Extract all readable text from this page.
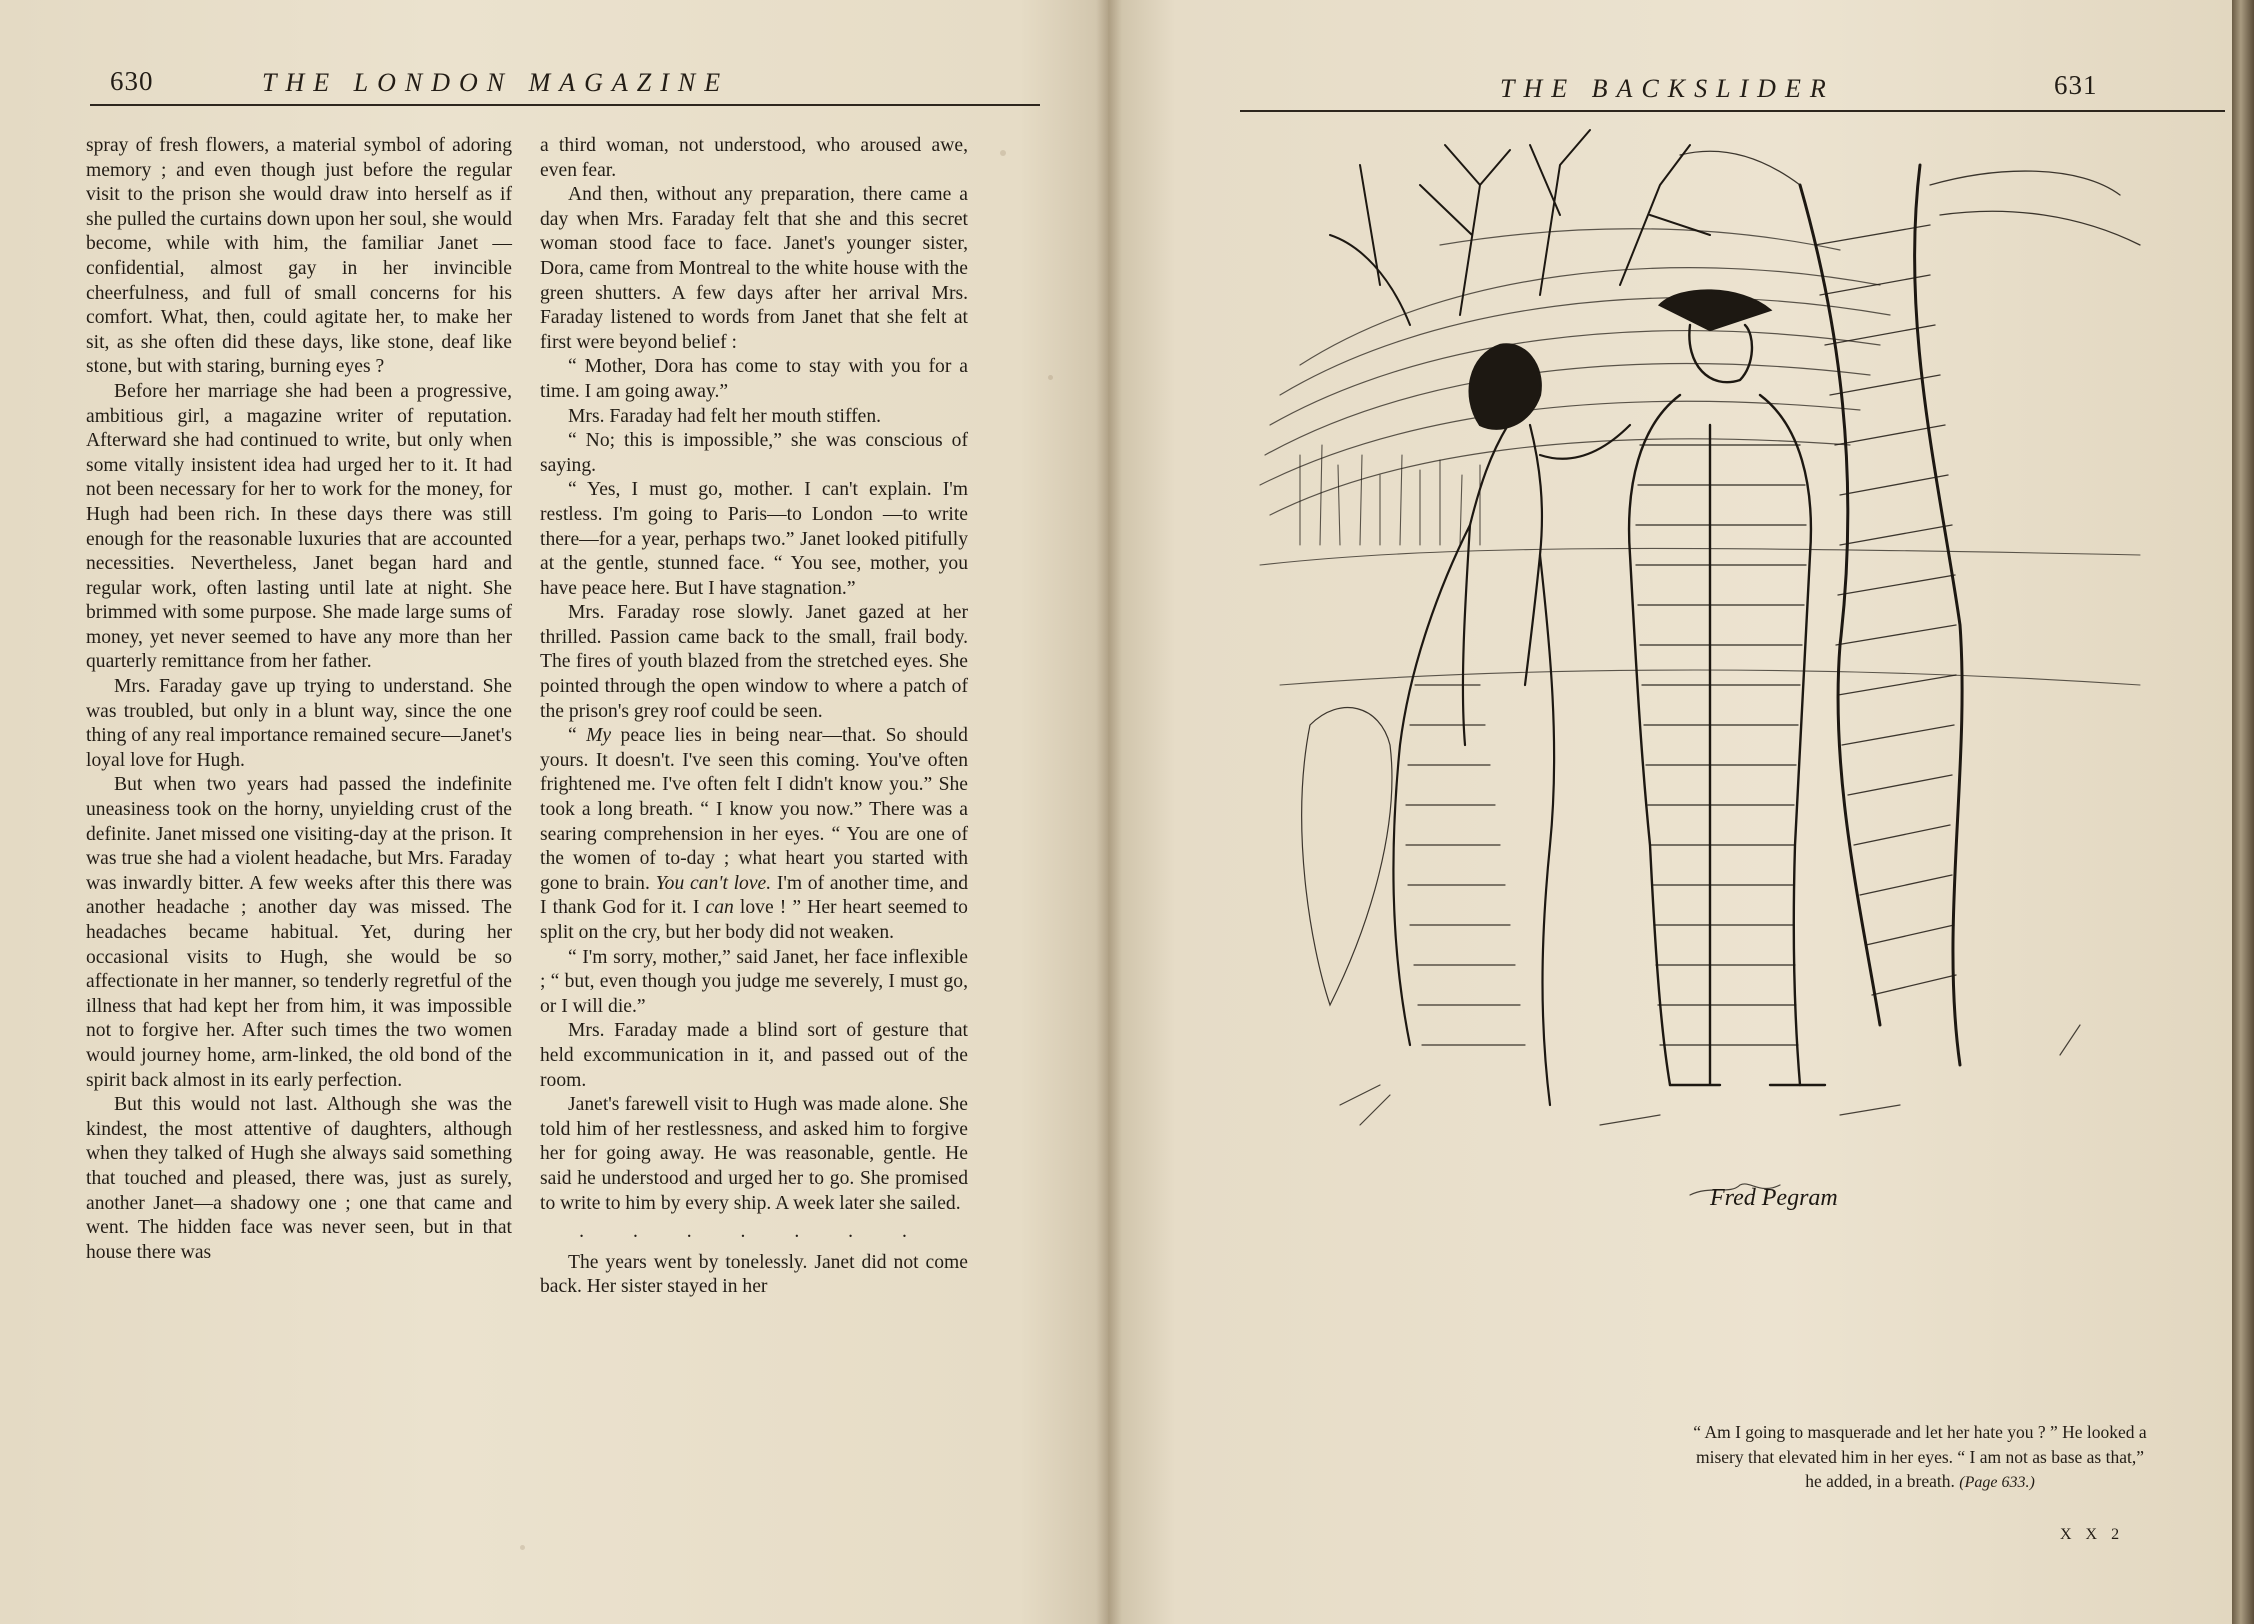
630	THE LONDON MAGAZINE

spray of fresh flowers, a material symbol of adoring memory ; and even though just before the regular visit to the prison she would draw into herself as if she pulled the curtains down upon her soul, she would become, while with him, the familiar Janet —confidential, almost gay in her invincible cheerfulness, and full of small concerns for his comfort. What, then, could agitate her, to make her sit, as she often did these days, like stone, deaf like stone, but with staring, burning eyes ?

Before her marriage she had been a progressive, ambitious girl, a magazine writer of reputation. Afterward she had continued to write, but only when some vitally insistent idea had urged her to it. It had not been necessary for her to work for the money, for Hugh had been rich. In these days there was still enough for the reasonable luxuries that are accounted necessities. Nevertheless, Janet began hard and regular work, often lasting until late at night. She brimmed with some purpose. She made large sums of money, yet never seemed to have any more than her quarterly remittance from her father.

Mrs. Faraday gave up trying to understand. She was troubled, but only in a blunt way, since the one thing of any real importance remained secure—Janet's loyal love for Hugh.

But when two years had passed the indefinite uneasiness took on the horny, unyielding crust of the definite. Janet missed one visiting-day at the prison. It was true she had a violent headache, but Mrs. Faraday was inwardly bitter. A few weeks after this there was another headache ; another day was missed. The headaches became habitual. Yet, during her occasional visits to Hugh, she would be so affectionate in her manner, so tenderly regretful of the illness that had kept her from him, it was impossible not to forgive her. After such times the two women would journey home, arm-linked, the old bond of the spirit back almost in its early perfection.

But this would not last. Although she was the kindest, the most attentive of daughters, although when they talked of Hugh she always said something that touched and pleased, there was, just as surely, another Janet—a shadowy one ; one that came and went. The hidden face was never seen, but in that house there was

a third woman, not understood, who aroused awe, even fear.

And then, without any preparation, there came a day when Mrs. Faraday felt that she and this secret woman stood face to face. Janet's younger sister, Dora, came from Montreal to the white house with the green shutters. A few days after her arrival Mrs. Faraday listened to words from Janet that she felt at first were beyond belief :

“ Mother, Dora has come to stay with you for a time. I am going away.”

Mrs. Faraday had felt her mouth stiffen.

“ No; this is impossible,” she was conscious of saying.

“ Yes, I must go, mother. I can't explain. I'm restless. I'm going to Paris—to London —to write there—for a year, perhaps two.” Janet looked pitifully at the gentle, stunned face. “ You see, mother, you have peace here. But I have stagnation.”

Mrs. Faraday rose slowly. Janet gazed at her thrilled. Passion came back to the small, frail body. The fires of youth blazed from the stretched eyes. She pointed through the open window to where a patch of the prison's grey roof could be seen.

“ My peace lies in being near—that. So should yours. It doesn't. I've seen this coming. You've often frightened me. I've often felt I didn't know you.” She took a long breath. “ I know you now.” There was a searing comprehension in her eyes. “ You are one of the women of to-day ; what heart you started with gone to brain. You can't love. I'm of another time, and I thank God for it. I can love ! ” Her heart seemed to split on the cry, but her body did not weaken.

“ I'm sorry, mother,” said Janet, her face inflexible ; “ but, even though you judge me severely, I must go, or I will die.”

Mrs. Faraday made a blind sort of gesture that held excommunication in it, and passed out of the room.

Janet's farewell visit to Hugh was made alone. She told him of her restlessness, and asked him to forgive her for going away. He was reasonable, gentle. He said he understood and urged her to go. She promised to write to him by every ship. A week later she sailed.

. . . . . . .

The years went by tonelessly. Janet did not come back. Her sister stayed in her

THE BACKSLIDER	631
Fred Pegram
“ Am I going to masquerade and let her hate you ? ” He looked a misery that elevated him in her eyes. “ I am not as base as that,” he added, in a breath. (Page 633.)
X X 2
